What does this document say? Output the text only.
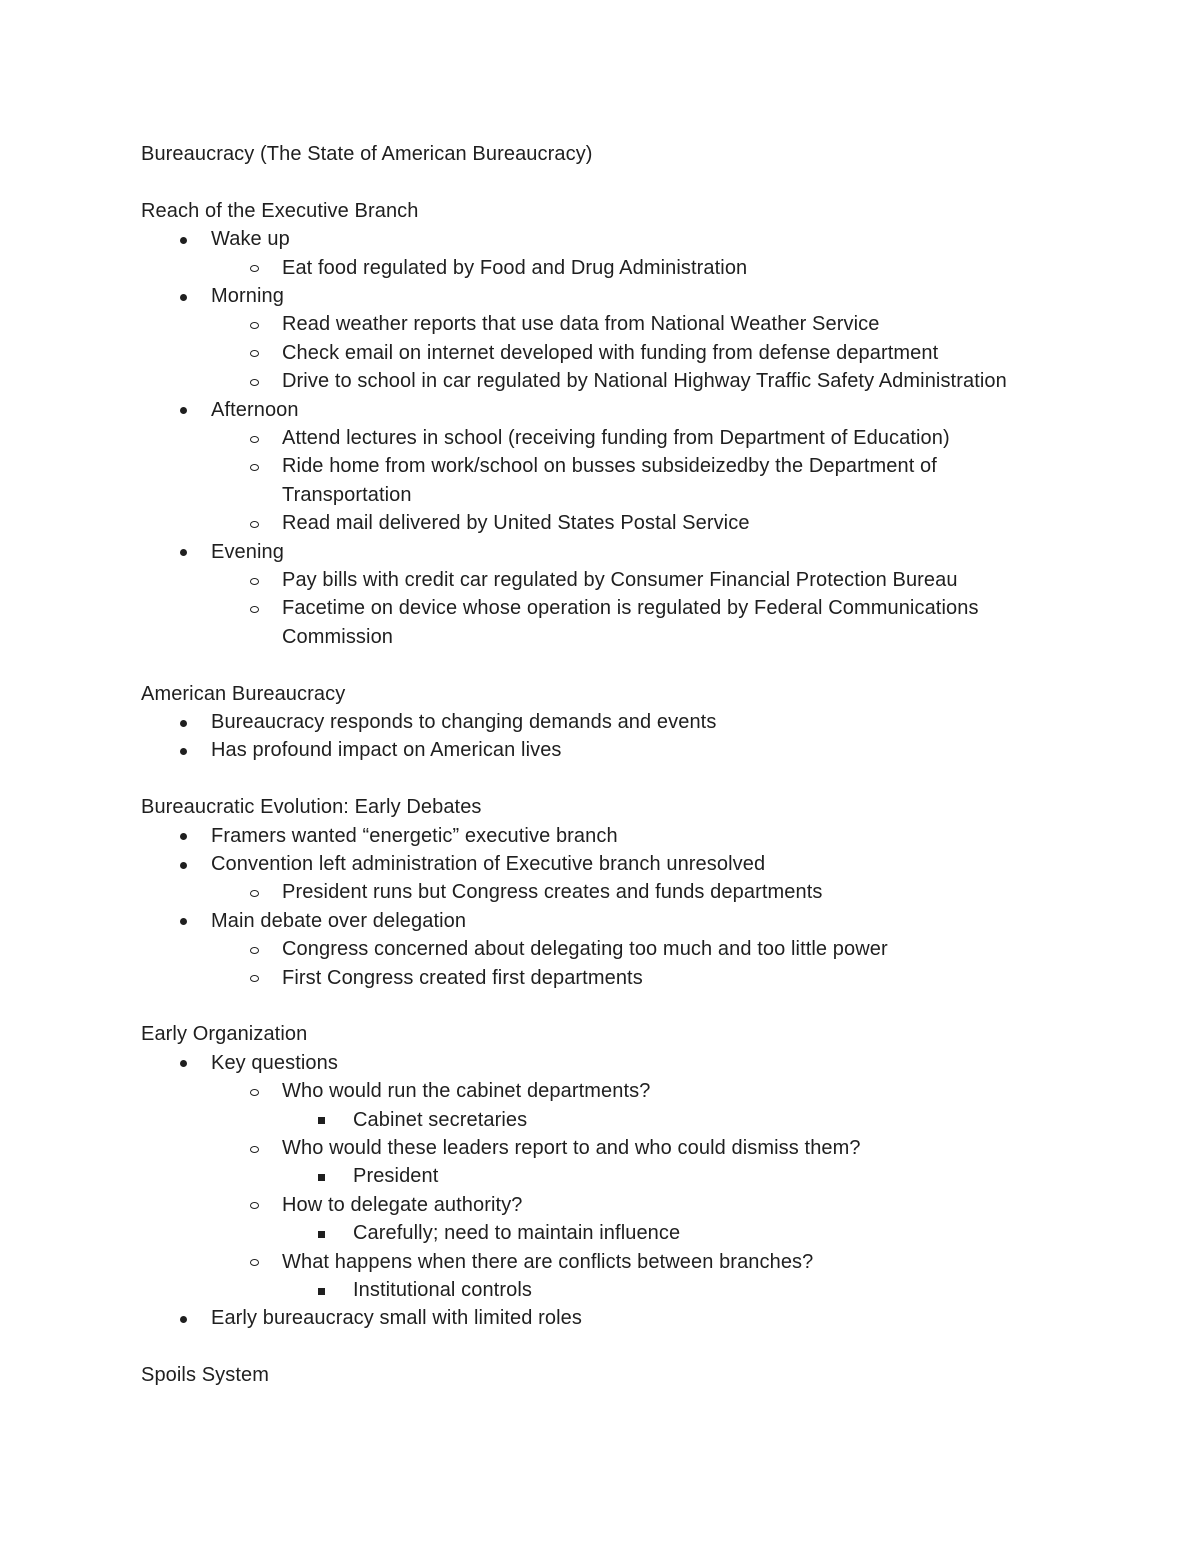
Bureaucracy (The State of American Bureaucracy)
Reach of the Executive Branch
Wake up
Eat food regulated by Food and Drug Administration
Morning
Read weather reports that use data from National Weather Service
Check email on internet developed with funding from defense department
Drive to school in car regulated by National Highway Traffic Safety Administration
Afternoon
Attend lectures in school (receiving funding from Department of Education)
Ride home from work/school on busses subsideizedby the Department of
Transportation
Read mail delivered by United States Postal Service
Evening
Pay bills with credit car regulated by Consumer Financial Protection Bureau
Facetime on device whose operation is regulated by Federal Communications
Commission
American Bureaucracy
Bureaucracy responds to changing demands and events
Has profound impact on American lives
Bureaucratic Evolution: Early Debates
Framers wanted “energetic” executive branch
Convention left administration of Executive branch unresolved
President runs but Congress creates and funds departments
Main debate over delegation
Congress concerned about delegating too much and too little power
First Congress created first departments
Early Organization
Key questions
Who would run the cabinet departments?
Cabinet secretaries
Who would these leaders report to and who could dismiss them?
President
How to delegate authority?
Carefully; need to maintain influence
What happens when there are conflicts between branches?
Institutional controls
Early bureaucracy small with limited roles
Spoils System
